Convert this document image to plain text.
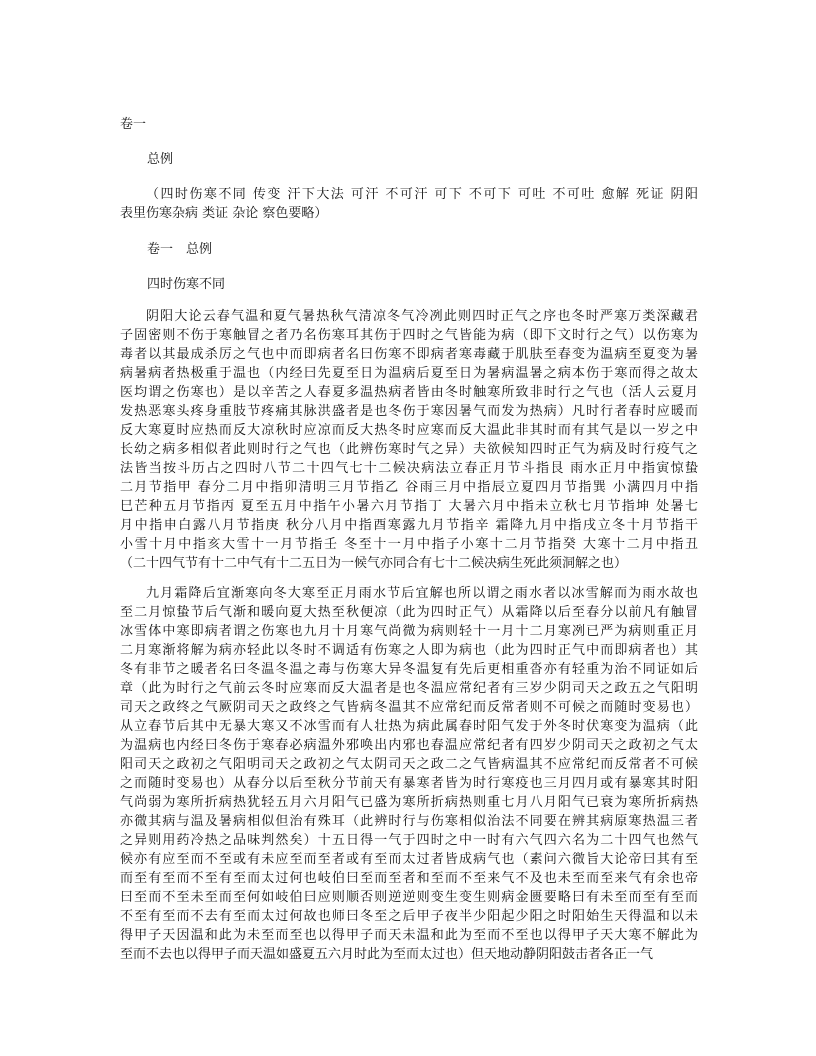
卷一
总例
（四时伤寒不同 传变 汗下大法 可汗 不可汗 可下 不可下 可吐 不可吐 愈解 死证 阴阳
表里伤寒杂病 类证 杂论 察色要略）
卷一　总例
四时伤寒不同
阴阳大论云春气温和夏气暑热秋气清凉冬气冷冽此则四时正气之序也冬时严寒万类深藏君
子固密则不伤于寒触冒之者乃名伤寒耳其伤于四时之气皆能为病（即下文时行之气）以伤寒为
毒者以其最成杀厉之气也中而即病者名曰伤寒不即病者寒毒藏于肌肤至春变为温病至夏变为暑
病暑病者热极重于温也（内经曰先夏至日为温病后夏至日为暑病温暑之病本伤于寒而得之故太
医均谓之伤寒也）是以辛苦之人春夏多温热病者皆由冬时触寒所致非时行之气也（活人云夏月
发热恶寒头疼身重肢节疼痛其脉洪盛者是也冬伤于寒因暑气而发为热病）凡时行者春时应暖而
反大寒夏时应热而反大凉秋时应凉而反大热冬时应寒而反大温此非其时而有其气是以一岁之中
长幼之病多相似者此则时行之气也（此辨伤寒时气之异）夫欲候知四时正气为病及时行疫气之
法皆当按斗历占之四时八节二十四气七十二候决病法立春正月节斗指艮 雨水正月中指寅惊蛰
二月节指甲 春分二月中指卯清明三月节指乙 谷雨三月中指辰立夏四月节指巽 小满四月中指
巳芒种五月节指丙 夏至五月中指午小暑六月节指丁 大暑六月中指未立秋七月节指坤 处暑七
月中指申白露八月节指庚 秋分八月中指酉寒露九月节指辛 霜降九月中指戌立冬十月节指干
小雪十月中指亥大雪十一月节指壬 冬至十一月中指子小寒十二月节指癸 大寒十二月中指丑
（二十四气节有十二中气有十二五日为一候气亦同合有七十二候决病生死此须洞解之也）
九月霜降后宜渐寒向冬大寒至正月雨水节后宜解也所以谓之雨水者以冰雪解而为雨水故也
至二月惊蛰节后气渐和暖向夏大热至秋便凉（此为四时正气）从霜降以后至春分以前凡有触冒
冰雪体中寒即病者谓之伤寒也九月十月寒气尚微为病则轻十一月十二月寒冽已严为病则重正月
二月寒渐将解为病亦轻此以冬时不调适有伤寒之人即为病也（此为四时正气中而即病者也）其
冬有非节之暖者名曰冬温冬温之毒与伤寒大异冬温复有先后更相重沓亦有轻重为治不同证如后
章（此为时行之气前云冬时应寒而反大温者是也冬温应常纪者有三岁少阴司天之政五之气阳明
司天之政终之气厥阴司天之政终之气皆病冬温其不应常纪而反常者则不可候之而随时变易也）
从立春节后其中无暴大寒又不冰雪而有人壮热为病此属春时阳气发于外冬时伏寒变为温病（此
为温病也内经曰冬伤于寒春必病温外邪唤出内邪也春温应常纪者有四岁少阴司天之政初之气太
阳司天之政初之气阳明司天之政初之气太阴司天之政二之气皆病温其不应常纪而反常者不可候
之而随时变易也）从春分以后至秋分节前天有暴寒者皆为时行寒疫也三月四月或有暴寒其时阳
气尚弱为寒所折病热犹轻五月六月阳气已盛为寒所折病热则重七月八月阳气已衰为寒所折病热
亦微其病与温及暑病相似但治有殊耳（此辨时行与伤寒相似治法不同要在辨其病原寒热温三者
之异则用药冷热之品味判然矣）十五日得一气于四时之中一时有六气四六名为二十四气也然气
候亦有应至而不至或有未应至而至者或有至而太过者皆成病气也（素问六微旨大论帝曰其有至
而至有至而不至有至而太过何也岐伯曰至而至者和至而不至来气不及也未至而至来气有余也帝
曰至而不至未至而至何如岐伯曰应则顺否则逆逆则变生变生则病金匮要略曰有未至而至有至而
不至有至而不去有至而太过何故也师曰冬至之后甲子夜半少阳起少阳之时阳始生天得温和以未
得甲子天因温和此为未至而至也以得甲子而天未温和此为至而不至也以得甲子天大寒不解此为
至而不去也以得甲子而天温如盛夏五六月时此为至而太过也）但天地动静阴阳鼓击者各正一气
